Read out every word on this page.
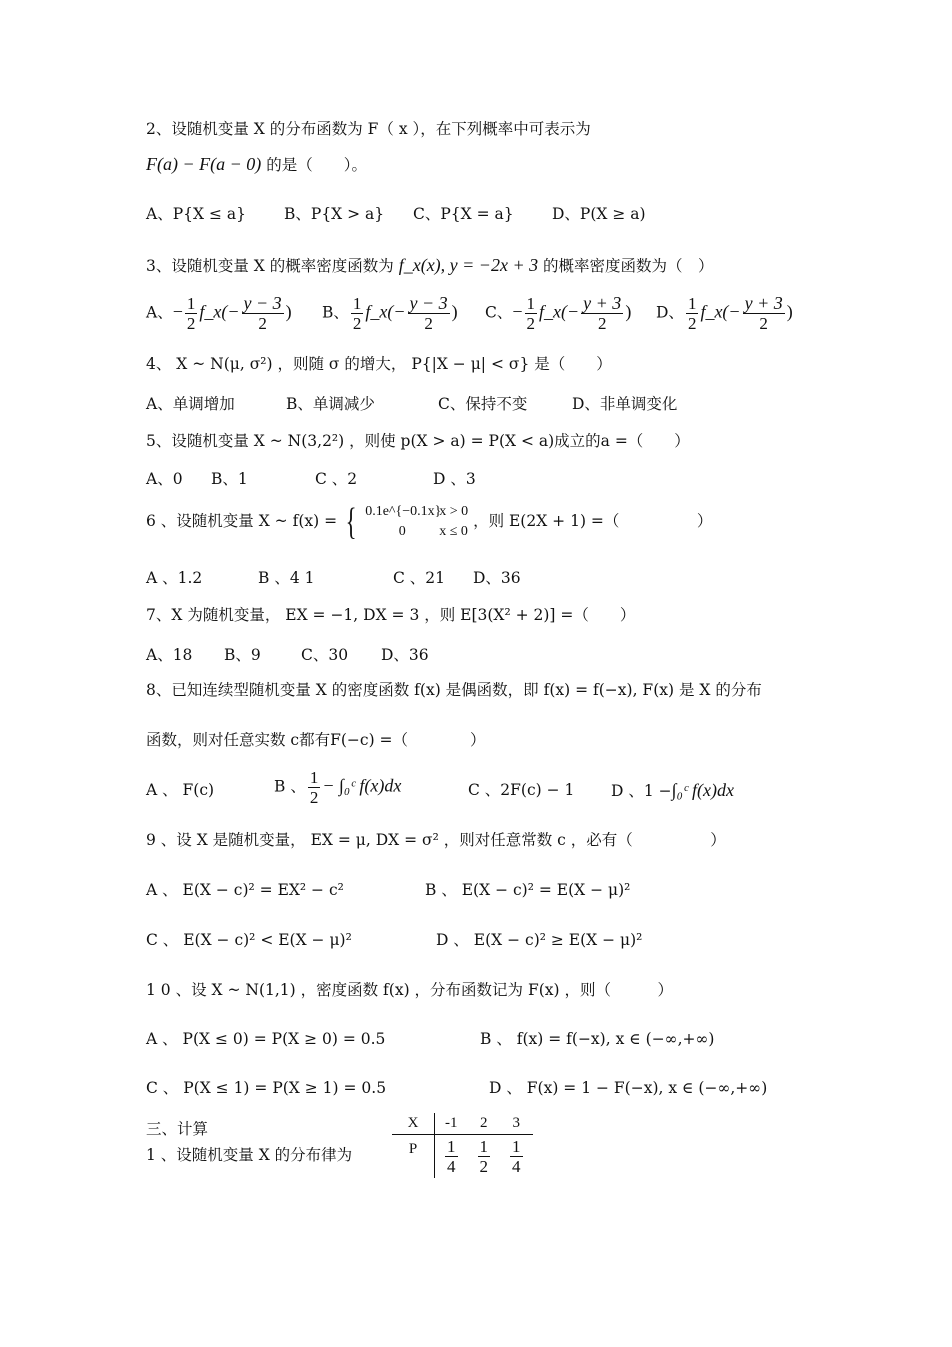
2、设随机变量 X 的分布函数为 F（ x ），在下列概率中可表示为
F(a) − F(a − 0) 的是（　　）。
A、P{X ≤ a} B、P{X > a} C、P{X = a} D、P(X ≥ a)
3、设随机变量 X 的概率密度函数为 f_x(x), y = −2x + 3 的概率密度函数为（　）
A、− $\frac{1}{2}$ f_x(− $\frac{y - 3}{2}$ ) B、 $\frac{1}{2}$ f_x(− $\frac{y - 3}{2}$ ) C、− $\frac{1}{2}$ f_x(− $\frac{y + 3}{2}$ ) D、 $\frac{1}{2}$ f_x(− $\frac{y + 3}{2}$ )
4、 X ~ N(μ, σ²) ，则随 σ 的增大， P{|X − μ| < σ} 是（　　）
A、单调增加	B、单调减少	C、保持不变	D、非单调变化
5、设随机变量 X ~ N(3,2²) ，则使 p(X > a) = P(X < a)成立的a =（　　）
A、0 B、1	C 、2	D 、3
6 、设随机变量 X ~ f(x) = { 0.1e^{−0.1x}x > 0
0 x ≤ 0
，则 E(2X + 1) =（　　　　　）
A 、1.2	B 、4 1	C 、21 D、36
7、X 为随机变量， EX = −1, DX = 3 ，则 E[3(X² + 2)] =（　　）
A、18 B、9	C、30 D、36
8、已知连续型随机变量 X 的密度函数 f(x) 是偶函数，即 f(x) = f(−x), F(x) 是 X 的分布
函数，则对任意实数 c都有F(−c) =（　　　　）
A 、 F(c)	B 、 $\frac{1}{2}$ − ∫₀ᶜ f(x)dx	C 、2F(c) − 1 D 、1 −∫₀ᶜ f(x)dx
9 、设 X 是随机变量， EX = μ, DX = σ² ，则对任意常数 c ，必有（　　　　　）
A 、 E(X − c)² = EX² − c²	B 、 E(X − c)² = E(X − μ)²
C 、 E(X − c)² < E(X − μ)²	D 、 E(X − c)² ≥ E(X − μ)²
1 0 、设 X ~ N(1,1) ，密度函数 f(x) ，分布函数记为 F(x) ，则（　　　）
A 、 P(X ≤ 0) = P(X ≥ 0) = 0.5	B 、 f(x) = f(−x), x ∈ (−∞,+∞)
C 、 P(X ≤ 1) = P(X ≥ 1) = 0.5	D 、 F(x) = 1 − F(−x), x ∈ (−∞,+∞)
三、计算
1 、设随机变量 X 的分布律为
X	-1	2	3
P	$\frac{1}{4}$	$\frac{1}{2}$	$\frac{1}{4}$
